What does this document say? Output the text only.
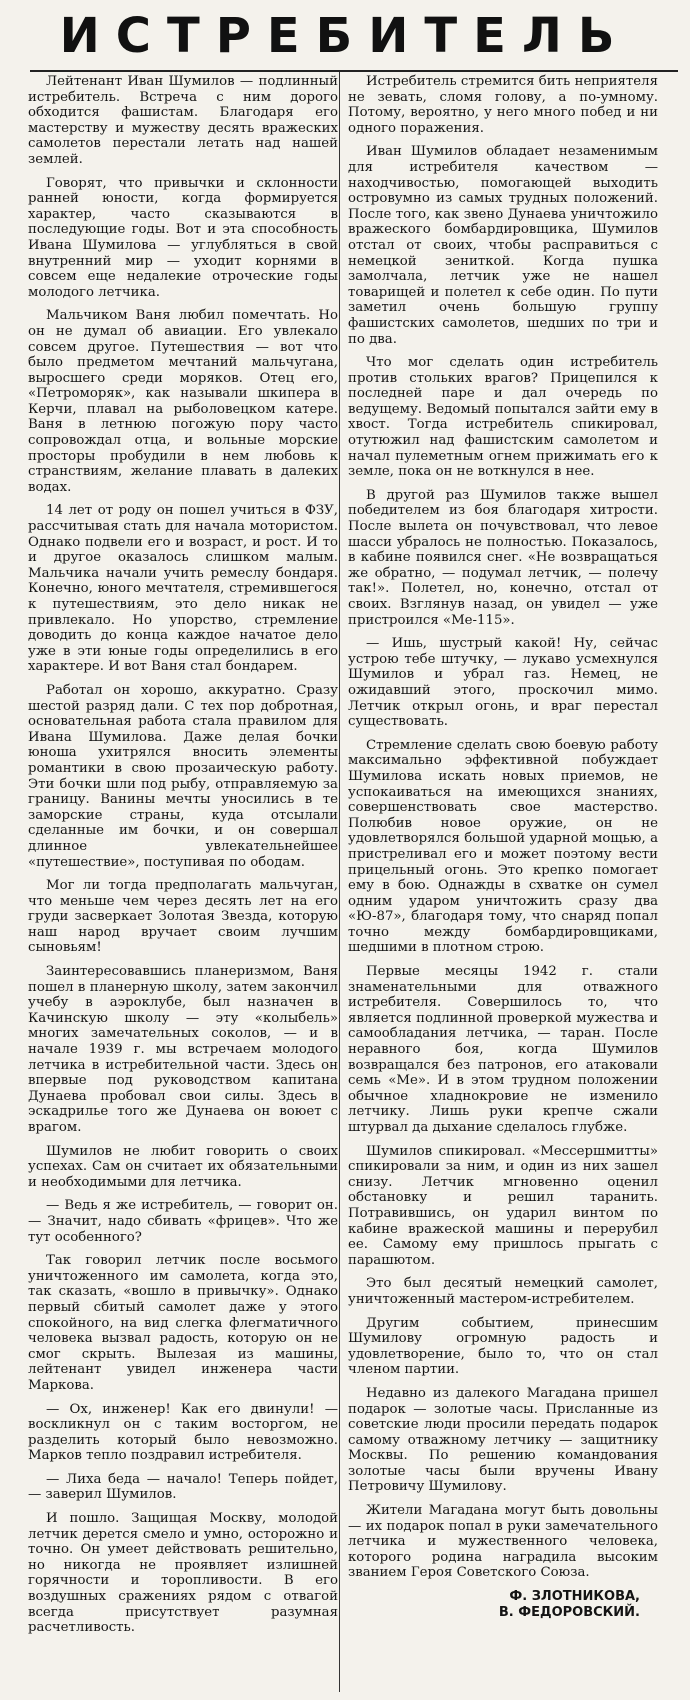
ИСТРЕБИТЕЛЬ

Лейтенант Иван Шумилов — подлинный истребитель. Встреча с ним дорого обходится фашистам. Благодаря его мастерству и мужеству десять вражеских самолетов перестали летать над нашей землей.

Говорят, что привычки и склонности ранней юности, когда формируется характер, часто сказываются в последующие годы. Вот и эта способность Ивана Шумилова — углубляться в свой внутренний мир — уходит корнями в совсем еще недалекие отроческие годы молодого летчика.

Мальчиком Ваня любил помечтать. Но он не думал об авиации. Его увлекало совсем другое. Путешествия — вот что было предметом мечтаний мальчугана, выросшего среди моряков. Отец его, «Петроморяк», как называли шкипера в Керчи, плавал на рыболовецком катере. Ваня в летнюю погожую пору часто сопровождал отца, и вольные морские просторы пробудили в нем любовь к странствиям, желание плавать в далеких водах.

14 лет от роду он пошел учиться в ФЗУ, рассчитывая стать для начала мотористом. Однако подвели его и возраст, и рост. И то и другое оказалось слишком малым. Мальчика начали учить ремеслу бондаря. Конечно, юного мечтателя, стремившегося к путешествиям, это дело никак не привлекало. Но упорство, стремление доводить до конца каждое начатое дело уже в эти юные годы определились в его характере. И вот Ваня стал бондарем.

Работал он хорошо, аккуратно. Сразу шестой разряд дали. С тех пор добротная, основательная работа стала правилом для Ивана Шумилова. Даже делая бочки юноша ухитрялся вносить элементы романтики в свою прозаическую работу. Эти бочки шли под рыбу, отправляемую за границу. Ванины мечты уносились в те заморские страны, куда отсылали сделанные им бочки, и он совершал длинное увлекательнейшее «путешествие», поступивая по ободам.

Мог ли тогда предполагать мальчуган, что меньше чем через десять лет на его груди засверкает Золотая Звезда, которую наш народ вручает своим лучшим сыновьям!

Заинтересовавшись планеризмом, Ваня пошел в планерную школу, затем закончил учебу в аэроклубе, был назначен в Качинскую школу — эту «колыбель» многих замечательных соколов, — и в начале 1939 г. мы встречаем молодого летчика в истребительной части. Здесь он впервые под руководством капитана Дунаева пробовал свои силы. Здесь в эскадрилье того же Дунаева он воюет с врагом.

Шумилов не любит говорить о своих успехах. Сам он считает их обязательными и необходимыми для летчика.

— Ведь я же истребитель, — говорит он. — Значит, надо сбивать «фрицев». Что же тут особенного?

Так говорил летчик после восьмого уничтоженного им самолета, когда это, так сказать, «вошло в привычку». Однако первый сбитый самолет даже у этого спокойного, на вид слегка флегматичного человека вызвал радость, которую он не смог скрыть. Вылезая из машины, лейтенант увидел инженера части Маркова.

— Ох, инженер! Как его двинули! — воскликнул он с таким восторгом, не разделить который было невозможно. Марков тепло поздравил истребителя.

— Лиха беда — начало! Теперь пойдет, — заверил Шумилов.

И пошло. Защищая Москву, молодой летчик дерется смело и умно, осторожно и точно. Он умеет действовать решительно, но никогда не проявляет излишней горячности и торопливости. В его воздушных сражениях рядом с отвагой всегда присутствует разумная расчетливость.

Истребитель стремится бить неприятеля не зевать, сломя голову, а по-умному. Потому, вероятно, у него много побед и ни одного поражения.

Иван Шумилов обладает незаменимым для истребителя качеством — находчивостью, помогающей выходить островумно из самых трудных положений. После того, как звено Дунаева уничтожило вражеского бомбардировщика, Шумилов отстал от своих, чтобы расправиться с немецкой зениткой. Когда пушка замолчала, летчик уже не нашел товарищей и полетел к себе один. По пути заметил очень большую группу фашистских самолетов, шедших по три и по два.

Что мог сделать один истребитель против стольких врагов? Прицепился к последней паре и дал очередь по ведущему. Ведомый попытался зайти ему в хвост. Тогда истребитель спикировал, отутюжил над фашистским самолетом и начал пулеметным огнем прижимать его к земле, пока он не воткнулся в нее.

В другой раз Шумилов также вышел победителем из боя благодаря хитрости. После вылета он почувствовал, что левое шасси убралось не полностью. Показалось, в кабине появился снег. «Не возвращаться же обратно, — подумал летчик, — полечу так!». Полетел, но, конечно, отстал от своих. Взглянув назад, он увидел — уже пристроился «Ме-115».

— Ишь, шустрый какой! Ну, сейчас устрою тебе штучку, — лукаво усмехнулся Шумилов и убрал газ. Немец, не ожидавший этого, проскочил мимо. Летчик открыл огонь, и враг перестал существовать.

Стремление сделать свою боевую работу максимально эффективной побуждает Шумилова искать новых приемов, не успокаиваться на имеющихся знаниях, совершенствовать свое мастерство. Полюбив новое оружие, он не удовлетворялся большой ударной мощью, а пристреливал его и может поэтому вести прицельный огонь. Это крепко помогает ему в бою. Однажды в схватке он сумел одним ударом уничтожить сразу два «Ю-87», благодаря тому, что снаряд попал точно между бомбардировщиками, шедшими в плотном строю.

Первые месяцы 1942 г. стали знаменательными для отважного истребителя. Совершилось то, что является подлинной проверкой мужества и самообладания летчика, — таран. После неравного боя, когда Шумилов возвращался без патронов, его атаковали семь «Ме». И в этом трудном положении обычное хладнокровие не изменило летчику. Лишь руки крепче сжали штурвал да дыхание сделалось глубже.

Шумилов спикировал. «Мессершмитты» спикировали за ним, и один из них зашел снизу. Летчик мгновенно оценил обстановку и решил таранить. Потравившись, он ударил винтом по кабине вражеской машины и перерубил ее. Самому ему пришлось прыгать с парашютом.

Это был десятый немецкий самолет, уничтоженный мастером-истребителем.

Другим событием, принесшим Шумилову огромную радость и удовлетворение, было то, что он стал членом партии.

Недавно из далекого Магадана пришел подарок — золотые часы. Присланные из советские люди просили передать подарок самому отважному летчику — защитнику Москвы. По решению командования золотые часы были вручены Ивану Петровичу Шумилову.

Жители Магадана могут быть довольны — их подарок попал в руки замечательного летчика и мужественного человека, которого родина наградила высоким званием Героя Советского Союза.

Ф. ЗЛОТНИКОВА,
В. ФЕДОРОВСКИЙ.
